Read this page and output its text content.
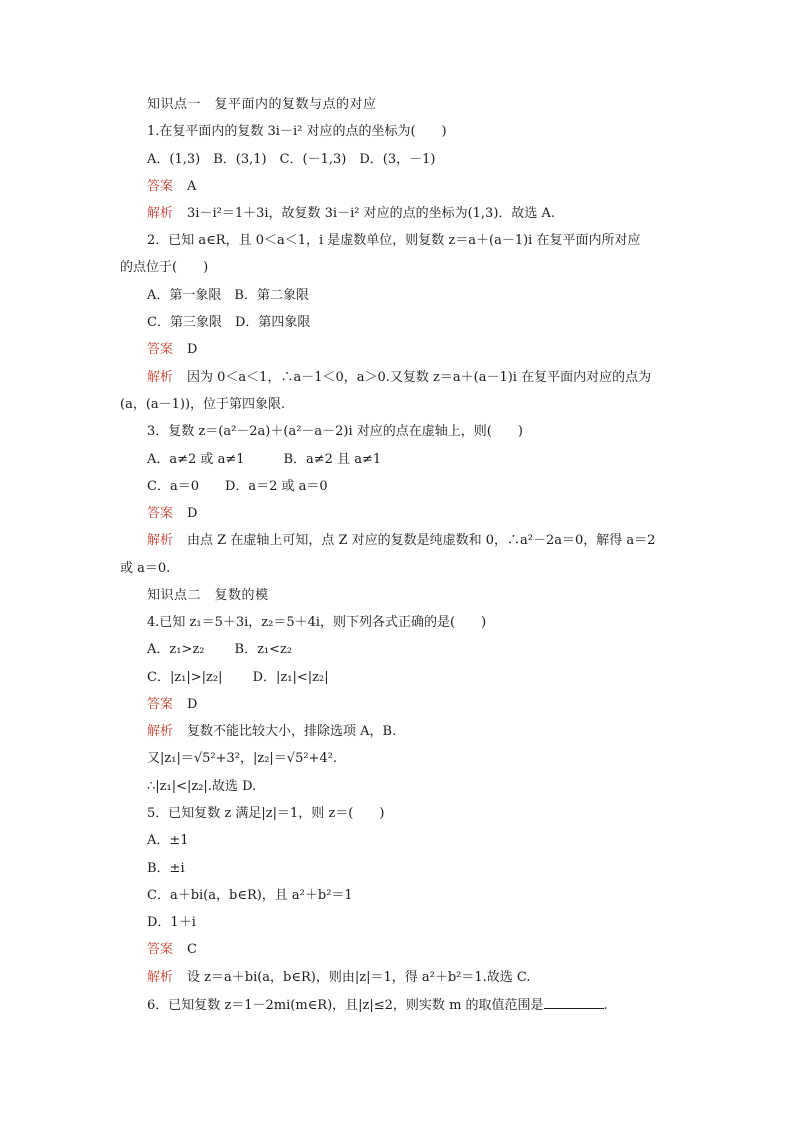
知识点一　复平面内的复数与点的对应
1.在复平面内的复数 3i－i² 对应的点的坐标为(　　)
A．(1,3)　B．(3,1)　C．(－1,3)　D．(3，－1)
答案 A
解析 3i－i²＝1＋3i，故复数 3i－i² 对应的点的坐标为(1,3)．故选 A.
2．已知 a∈R，且 0＜a＜1，i 是虚数单位，则复数 z＝a＋(a－1)i 在复平面内所对应
的点位于(　　)
A．第一象限　B．第二象限
C．第三象限　D．第四象限
答案 D
解析 因为 0＜a＜1，∴a－1＜0，a＞0.又复数 z＝a＋(a－1)i 在复平面内对应的点为
(a，(a－1))，位于第四象限.
3．复数 z＝(a²－2a)＋(a²－a－2)i 对应的点在虚轴上，则(　　)
A．a≠2 或 a≠1　　　B．a≠2 且 a≠1
C．a＝0　　D．a＝2 或 a＝0
答案 D
解析 由点 Z 在虚轴上可知，点 Z 对应的复数是纯虚数和 0，∴a²－2a＝0，解得 a＝2
或 a＝0.
知识点二　复数的模
4.已知 z₁＝5＋3i，z₂＝5＋4i，则下列各式正确的是(　　)
A．z₁>z₂　　 B．z₁<z₂
C．|z₁|>|z₂|　　 D．|z₁|<|z₂|
答案 D
解析 复数不能比较大小，排除选项 A，B.
又|z₁|＝√5²+3²，|z₂|＝√5²+4².
∴|z₁|<|z₂|.故选 D.
5．已知复数 z 满足|z|＝1，则 z＝(　　)
A．±1
B．±i
C．a＋bi(a，b∈R)，且 a²＋b²＝1
D．1＋i
答案 C
解析 设 z＝a＋bi(a，b∈R)，则由|z|＝1，得 a²＋b²＝1.故选 C.
6．已知复数 z＝1－2mi(m∈R)，且|z|≤2，则实数 m 的取值范围是	.
